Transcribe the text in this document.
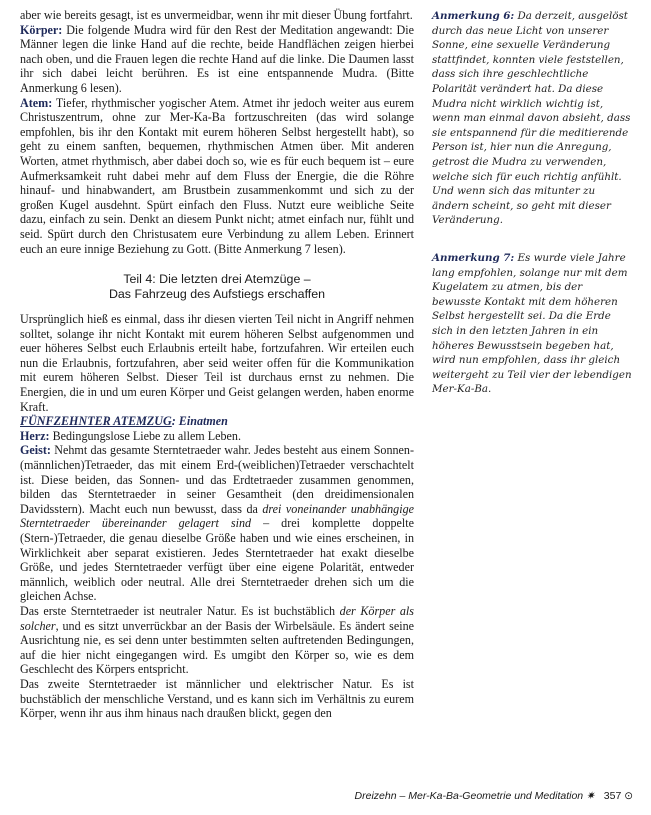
aber wie bereits gesagt, ist es unvermeidbar, wenn ihr mit dieser Übung fortfahrt.

Körper: Die folgende Mudra wird für den Rest der Meditation angewandt: Die Männer legen die linke Hand auf die rechte, beide Handflächen zeigen hierbei nach oben, und die Frauen legen die rechte Hand auf die linke. Die Daumen lasst ihr sich dabei leicht berühren. Es ist eine entspannende Mudra. (Bitte Anmerkung 6 lesen).

Atem: Tiefer, rhythmischer yogischer Atem. Atmet ihr jedoch weiter aus eurem Christuszentrum, ohne zur Mer-Ka-Ba fortzuschreiten (das wird solange empfohlen, bis ihr den Kontakt mit eurem höheren Selbst hergestellt habt), so geht zu einem sanften, bequemen, rhythmischen Atmen über. Mit anderen Worten, atmet rhythmisch, aber dabei doch so, wie es für euch bequem ist – eure Aufmerksamkeit ruht dabei mehr auf dem Fluss der Energie, die die Röhre hinauf- und hinabwandert, am Brustbein zusammenkommt und sich zu der großen Kugel ausdehnt. Spürt einfach den Fluss. Nutzt eure weibliche Seite dazu, einfach zu sein. Denkt an diesem Punkt nicht; atmet einfach nur, fühlt und seid. Spürt durch den Christusatem eure Verbindung zu allem Leben. Erinnert euch an eure innige Beziehung zu Gott. (Bitte Anmerkung 7 lesen).

Teil 4: Die letzten drei Atemzüge –
Das Fahrzeug des Aufstiegs erschaffen

Ursprünglich hieß es einmal, dass ihr diesen vierten Teil nicht in Angriff nehmen solltet, solange ihr nicht Kontakt mit eurem höheren Selbst aufgenommen und euer höheres Selbst euch Erlaubnis erteilt habe, fortzufahren. Wir erteilen euch nun die Erlaubnis, fortzufahren, aber seid weiter offen für die Kommunikation mit eurem höheren Selbst. Dieser Teil ist durchaus ernst zu nehmen. Die Energien, die in und um euren Körper und Geist gelangen werden, haben enorme Kraft.

FÜNFZEHNTER ATEMZUG: Einatmen

Herz: Bedingungslose Liebe zu allem Leben.

Geist: Nehmt das gesamte Sterntetraeder wahr. Jedes besteht aus einem Sonnen-(männlichen)Tetraeder, das mit einem Erd-(weiblichen)Tetraeder verschachtelt ist. Diese beiden, das Sonnen- und das Erdtetraeder zusammen genommen, bilden das Sterntetraeder in seiner Gesamtheit (den dreidimensionalen Davidsstern). Macht euch nun bewusst, dass da drei voneinander unabhängige Sterntetraeder übereinander gelagert sind – drei komplette doppelte (Stern-)Tetraeder, die genau dieselbe Größe haben und wie eines erscheinen, in Wirklichkeit aber separat existieren. Jedes Sterntetraeder hat exakt dieselbe Größe, und jedes Sterntetraeder verfügt über eine eigene Polarität, entweder männlich, weiblich oder neutral. Alle drei Sterntetraeder drehen sich um die gleichen Achse.

Das erste Sterntetraeder ist neutraler Natur. Es ist buchstäblich der Körper als solcher, und es sitzt unverrückbar an der Basis der Wirbelsäule. Es ändert seine Ausrichtung nie, es sei denn unter bestimmten selten auftretenden Bedingungen, auf die hier nicht eingegangen wird. Es umgibt den Körper so, wie es dem Geschlecht des Körpers entspricht.

Das zweite Sterntetraeder ist männlicher und elektrischer Natur. Es ist buchstäblich der menschliche Verstand, und es kann sich im Verhältnis zu eurem Körper, wenn ihr aus ihm hinaus nach draußen blickt, gegen den

Anmerkung 6: Da derzeit, ausgelöst durch das neue Licht von unserer Sonne, eine sexuelle Veränderung stattfindet, konnten viele feststellen, dass sich ihre geschlechtliche Polarität verändert hat. Da diese Mudra nicht wirklich wichtig ist, wenn man einmal davon absieht, dass sie entspannend für die meditierende Person ist, hier nun die Anregung, getrost die Mudra zu verwenden, welche sich für euch richtig anfühlt. Und wenn sich das mitunter zu ändern scheint, so geht mit dieser Veränderung.
Anmerkung 7: Es wurde viele Jahre lang empfohlen, solange nur mit dem Kugelatem zu atmen, bis der bewusste Kontakt mit dem höheren Selbst hergestellt sei. Da die Erde sich in den letzten Jahren in ein höheres Bewusstsein begeben hat, wird nun empfohlen, dass ihr gleich weitergeht zu Teil vier der lebendigen Mer-Ka-Ba.
Dreizehn – Mer-Ka-Ba-Geometrie und Meditation ✷ 357 ⊙
